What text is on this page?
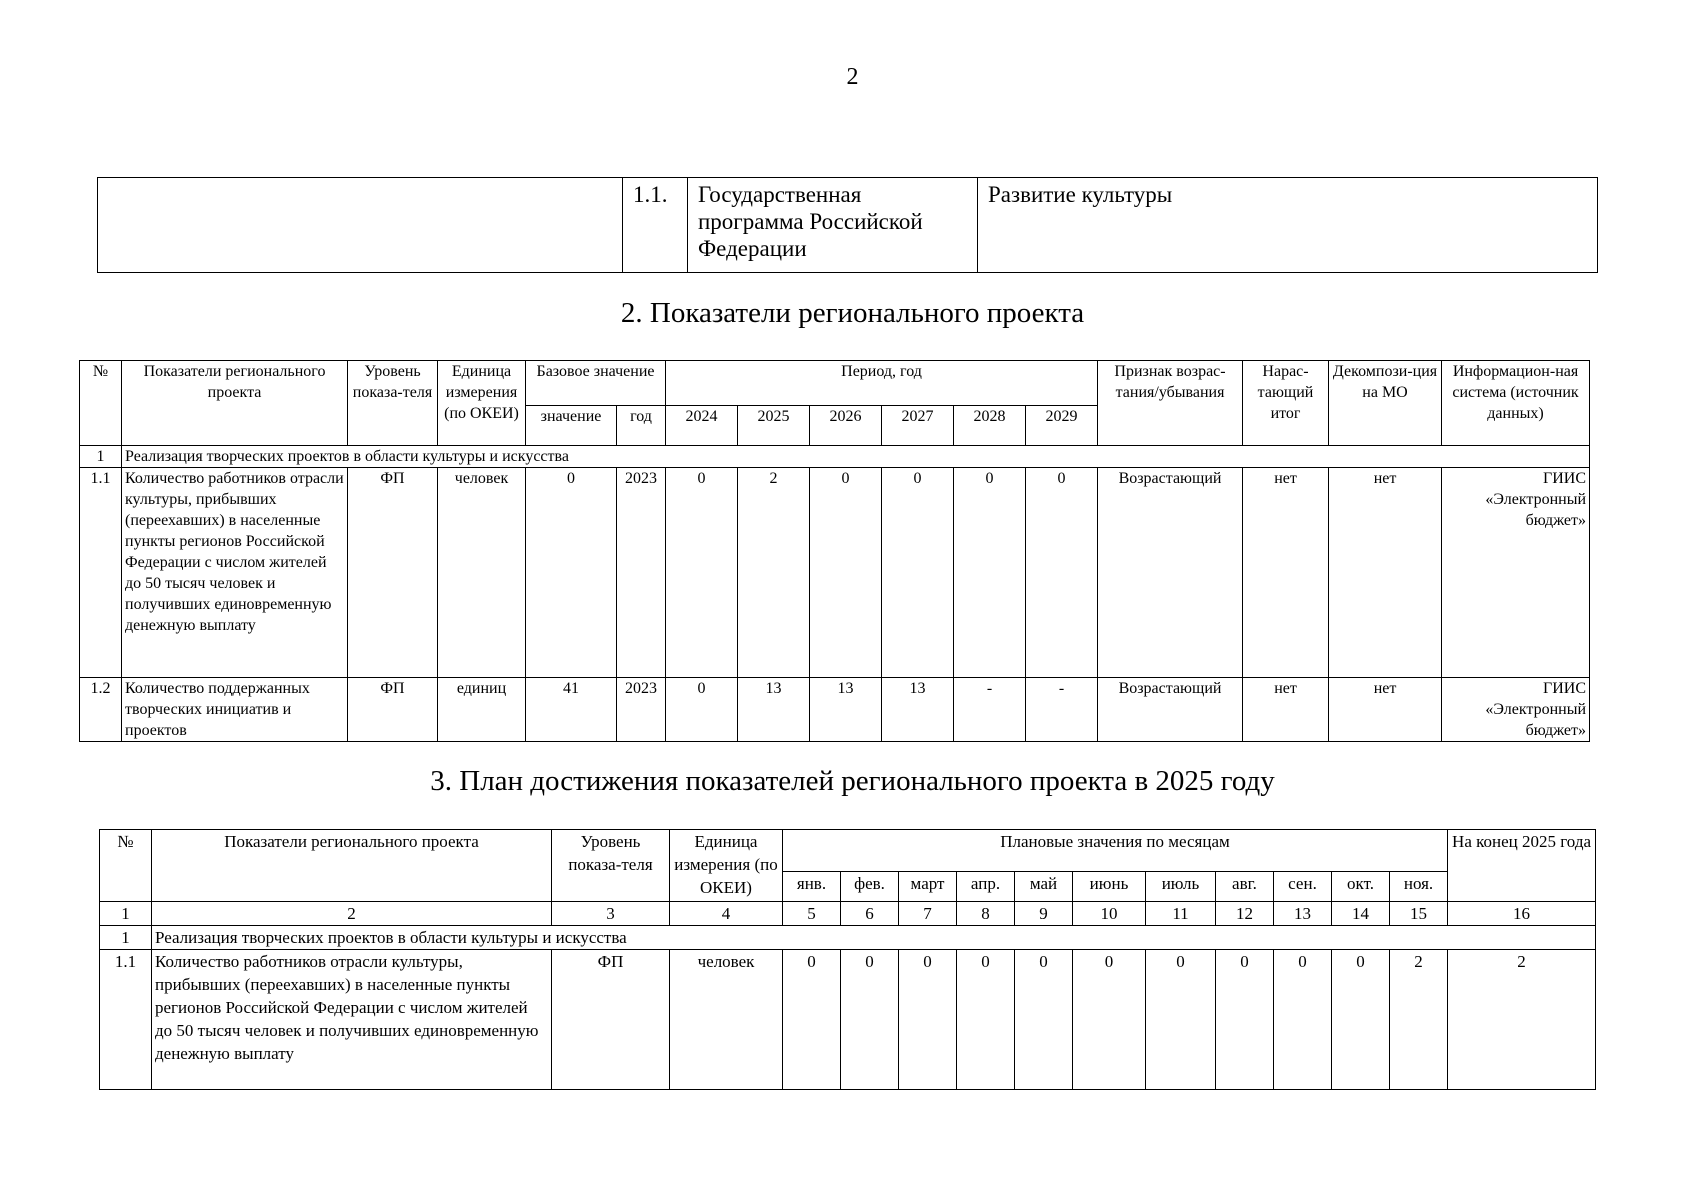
2
	1.1.	Государственная программа Российской Федерации	Развитие культуры
2. Показатели регионального проекта
№	Показатели регионального проекта	Уровень показа-теля	Единица измерения (по ОКЕИ)	Базовое значение		Период, год						Признак возрас-тания/убывания	Нарас-тающий итог	Декомпози-ция на МО	Информацион-ная система (источник данных)
				значение	год	2024	2025	2026	2027	2028	2029				
1	Реализация творческих проектов в области культуры и искусства														
1.1	Количество работников отрасли культуры, прибывших (переехавших) в населенные пункты регионов Российской Федерации с числом жителей до 50 тысяч человек и получивших единовременную денежную выплату	ФП	человек	0	2023	0	2	0	0	0	0	Возрастающий	нет	нет	ГИИС «Электронный бюджет»
1.2	Количество поддержанных творческих инициатив и проектов	ФП	единиц	41	2023	0	13	13	13	-	-	Возрастающий	нет	нет	ГИИС «Электронный бюджет»
3. План достижения показателей регионального проекта в 2025 году
№	Показатели регионального проекта	Уровень показа-теля	Единица измерения (по ОКЕИ)	Плановые значения по месяцам											На конец 2025 года
				янв.	фев.	март	апр.	май	июнь	июль	авг.	сен.	окт.	ноя.	
1	2	3	4	5	6	7	8	9	10	11	12	13	14	15	16
1	Реализация творческих проектов в области культуры и искусства														
1.1	Количество работников отрасли культуры, прибывших (переехавших) в населенные пункты регионов Российской Федерации с числом жителей до 50 тысяч человек и получивших единовременную денежную выплату	ФП	человек	0	0	0	0	0	0	0	0	0	0	2	2
